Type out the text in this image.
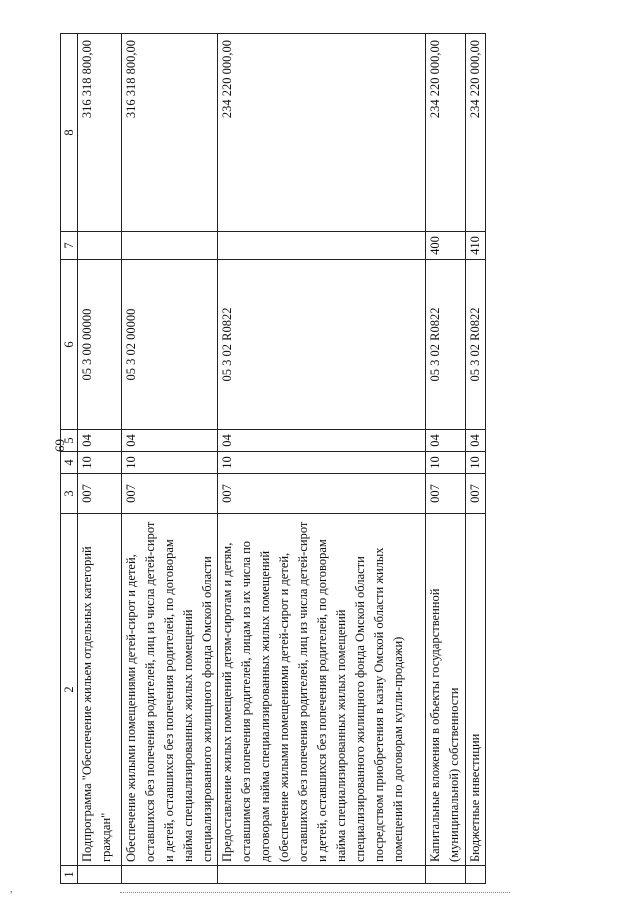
69
1	2	3	4	5	6	7	8
	Подпрограмма "Обеспечение жильем отдельных категорий граждан"	007	10	04	05 3 00 00000		316 318 800,00
	Обеспечение жилыми помещениями детей-сирот и детей, оставшихся без попечения родителей, лиц из числа детей-сирот и детей, оставшихся без попечения родителей, по договорам найма специализированных жилых помещений специализированного жилищного фонда Омской области	007	10	04	05 3 02 00000		316 318 800,00
	Предоставление жилых помещений детям-сиротам и детям, оставшимся без попечения родителей, лицам из их числа по договорам найма специализированных жилых помещений (обеспечение жилыми помещениями детей-сирот и детей, оставшихся без попечения родителей, лиц из числа детей-сирот и детей, оставшихся без попечения родителей, по договорам найма специализированных жилых помещений специализированного жилищного фонда Омской области посредством приобретения в казну Омской области жилых помещений по договорам купли-продажи)	007	10	04	05 3 02 R0822		234 220 000,00
	Капитальные вложения в объекты государственной (муниципальной) собственности	007	10	04	05 3 02 R0822	400	234 220 000,00
	Бюджетные инвестиции	007	10	04	05 3 02 R0822	410	234 220 000,00
,
